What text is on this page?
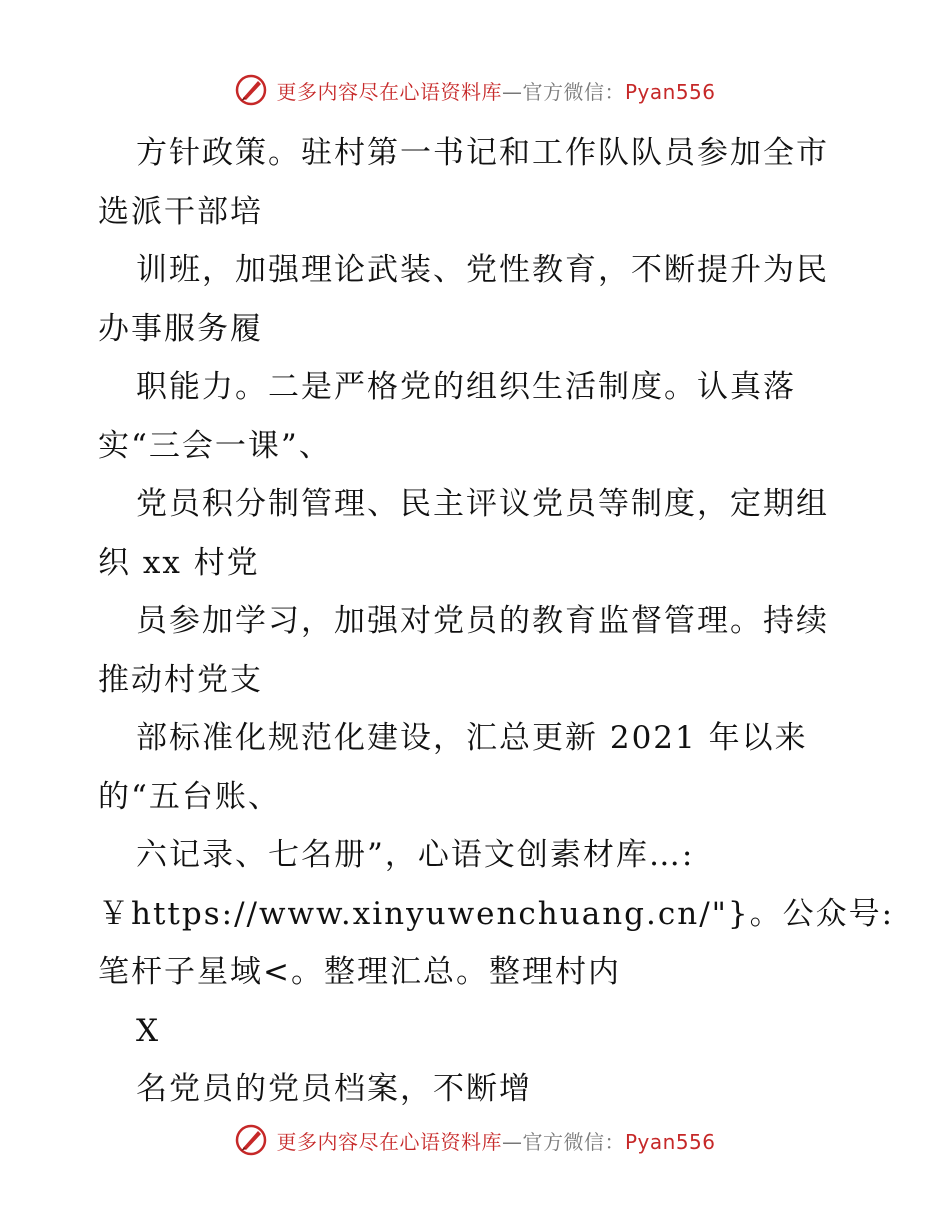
更多内容尽在心语资料库—官方微信：Pyan556
方针政策。驻村第一书记和工作队队员参加全市
选派干部培
训班，加强理论武装、党性教育，不断提升为民
办事服务履
职能力。二是严格党的组织生活制度。认真落
实“三会一课”、
党员积分制管理、民主评议党员等制度，定期组
织 xx 村党
员参加学习，加强对党员的教育监督管理。持续
推动村党支
部标准化规范化建设，汇总更新 2021 年以来
的“五台账、
六记录、七名册”，心语文创素材库…:
￥https://www.xinyuwenchuang.cn/"}。公众号:
笔杆子星域<。整理汇总。整理村内
X
名党员的党员档案，不断增
更多内容尽在心语资料库—官方微信：Pyan556
